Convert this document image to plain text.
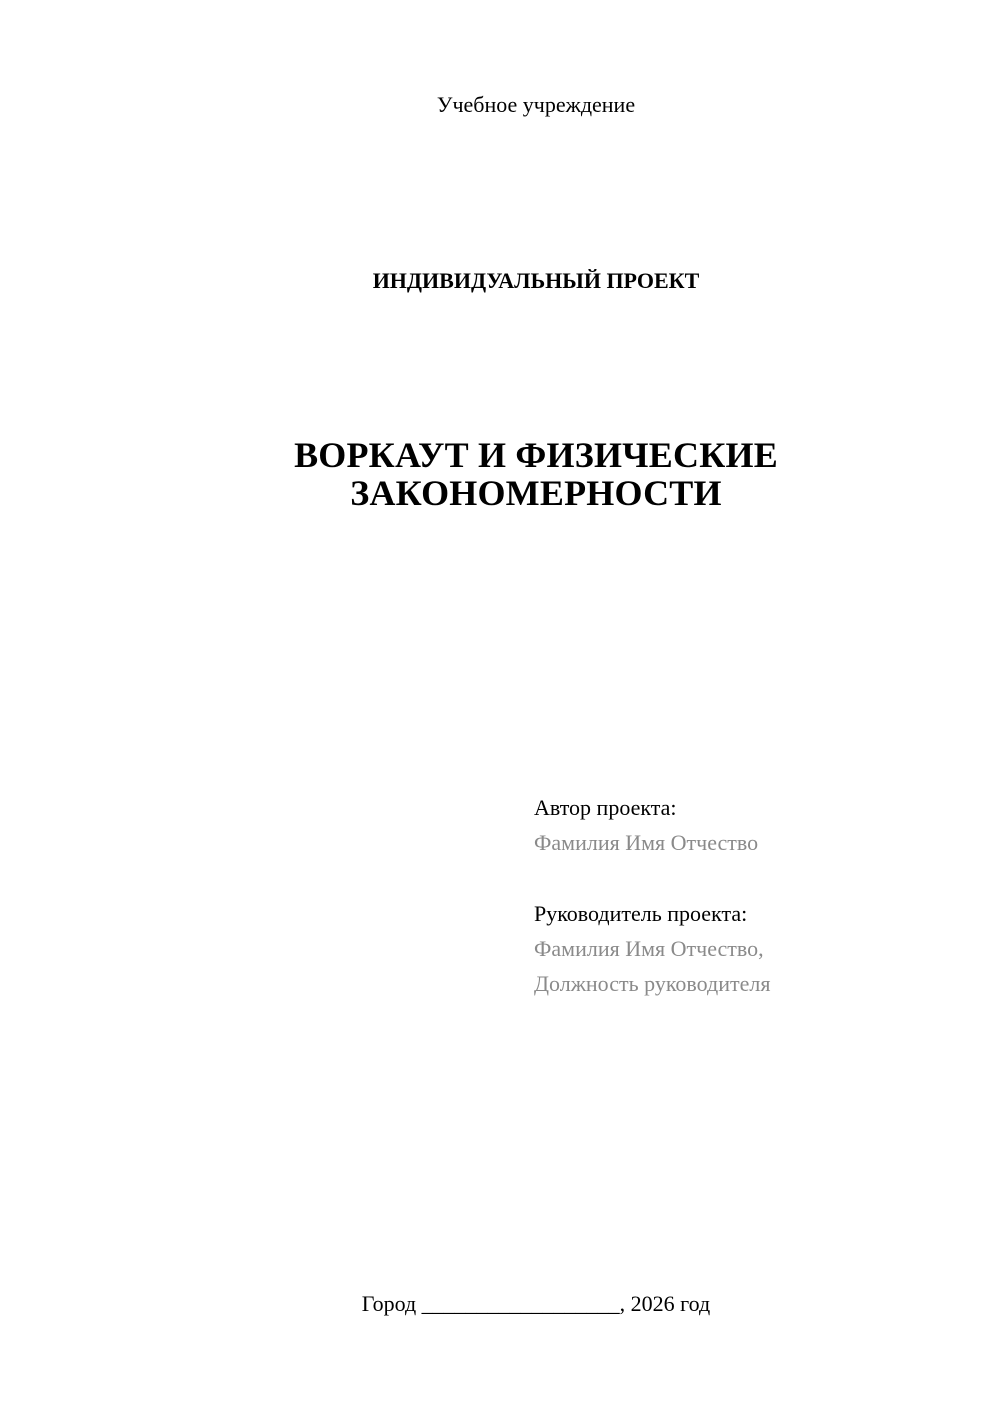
Учебное учреждение
ИНДИВИДУАЛЬНЫЙ ПРОЕКТ
ВОРКАУТ И ФИЗИЧЕСКИЕ
ЗАКОНОМЕРНОСТИ
Автор проекта:
Фамилия Имя Отчество
Руководитель проекта:
Фамилия Имя Отчество,
Должность руководителя
Город __________________, 2026 год
